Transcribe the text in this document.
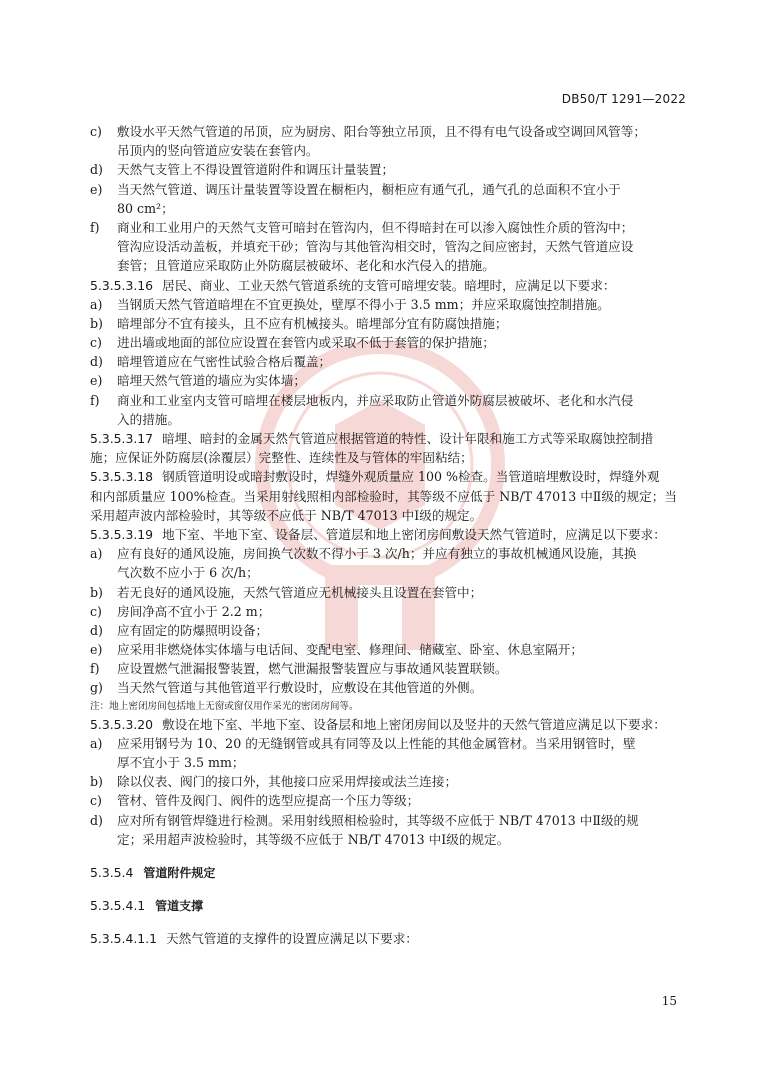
DB50/T 1291—2022
c) 敷设水平天然气管道的吊顶，应为厨房、阳台等独立吊顶，且不得有电气设备或空调回风管等；
吊顶内的竖向管道应安装在套管内。
d) 天然气支管上不得设置管道附件和调压计量装置；
e) 当天然气管道、调压计量装置等设置在橱柜内，橱柜应有通气孔，通气孔的总面积不宜小于
80 cm²；
f) 商业和工业用户的天然气支管可暗封在管沟内，但不得暗封在可以渗入腐蚀性介质的管沟中；
管沟应设活动盖板，并填充干砂；管沟与其他管沟相交时，管沟之间应密封，天然气管道应设
套管；且管道应采取防止外防腐层被破坏、老化和水汽侵入的措施。
5.3.5.3.16 居民、商业、工业天然气管道系统的支管可暗埋安装。暗埋时，应满足以下要求：
a) 当钢质天然气管道暗埋在不宜更换处，壁厚不得小于 3.5 mm；并应采取腐蚀控制措施。
b) 暗埋部分不宜有接头，且不应有机械接头。暗埋部分宜有防腐蚀措施；
c) 进出墙或地面的部位应设置在套管内或采取不低于套管的保护措施；
d) 暗埋管道应在气密性试验合格后覆盖；
e) 暗埋天然气管道的墙应为实体墙；
f) 商业和工业室内支管可暗埋在楼层地板内，并应采取防止管道外防腐层被破坏、老化和水汽侵
入的措施。
5.3.5.3.17 暗埋、暗封的金属天然气管道应根据管道的特性、设计年限和施工方式等采取腐蚀控制措
施；应保证外防腐层(涂覆层）完整性、连续性及与管体的牢固粘结；
5.3.5.3.18 钢质管道明设或暗封敷设时，焊缝外观质量应 100 %检查。当管道暗埋敷设时，焊缝外观
和内部质量应 100%检查。当采用射线照相内部检验时，其等级不应低于 NB/T 47013 中Ⅱ级的规定；当
采用超声波内部检验时，其等级不应低于 NB/T 47013 中Ⅰ级的规定。
5.3.5.3.19 地下室、半地下室、设备层、管道层和地上密闭房间敷设天然气管道时，应满足以下要求：
a) 应有良好的通风设施，房间换气次数不得小于 3 次/h；并应有独立的事故机械通风设施，其换
气次数不应小于 6 次/h；
b) 若无良好的通风设施，天然气管道应无机械接头且设置在套管中；
c) 房间净高不宜小于 2.2 m；
d) 应有固定的防爆照明设备；
e) 应采用非燃烧体实体墙与电话间、变配电室、修理间、储藏室、卧室、休息室隔开；
f) 应设置燃气泄漏报警装置，燃气泄漏报警装置应与事故通风装置联锁。
g) 当天然气管道与其他管道平行敷设时，应敷设在其他管道的外侧。
注：地上密闭房间包括地上无窗或窗仅用作采光的密闭房间等。
5.3.5.3.20 敷设在地下室、半地下室、设备层和地上密闭房间以及竖井的天然气管道应满足以下要求：
a) 应采用钢号为 10、20 的无缝钢管或具有同等及以上性能的其他金属管材。当采用钢管时，壁
厚不宜小于 3.5 mm；
b) 除以仪表、阀门的接口外，其他接口应采用焊接或法兰连接；
c) 管材、管件及阀门、阀件的选型应提高一个压力等级；
d) 应对所有钢管焊缝进行检测。采用射线照相检验时，其等级不应低于 NB/T 47013 中Ⅱ级的规
定；采用超声波检验时，其等级不应低于 NB/T 47013 中Ⅰ级的规定。
5.3.5.4 管道附件规定
5.3.5.4.1 管道支撑
5.3.5.4.1.1 天然气管道的支撑件的设置应满足以下要求：
15
